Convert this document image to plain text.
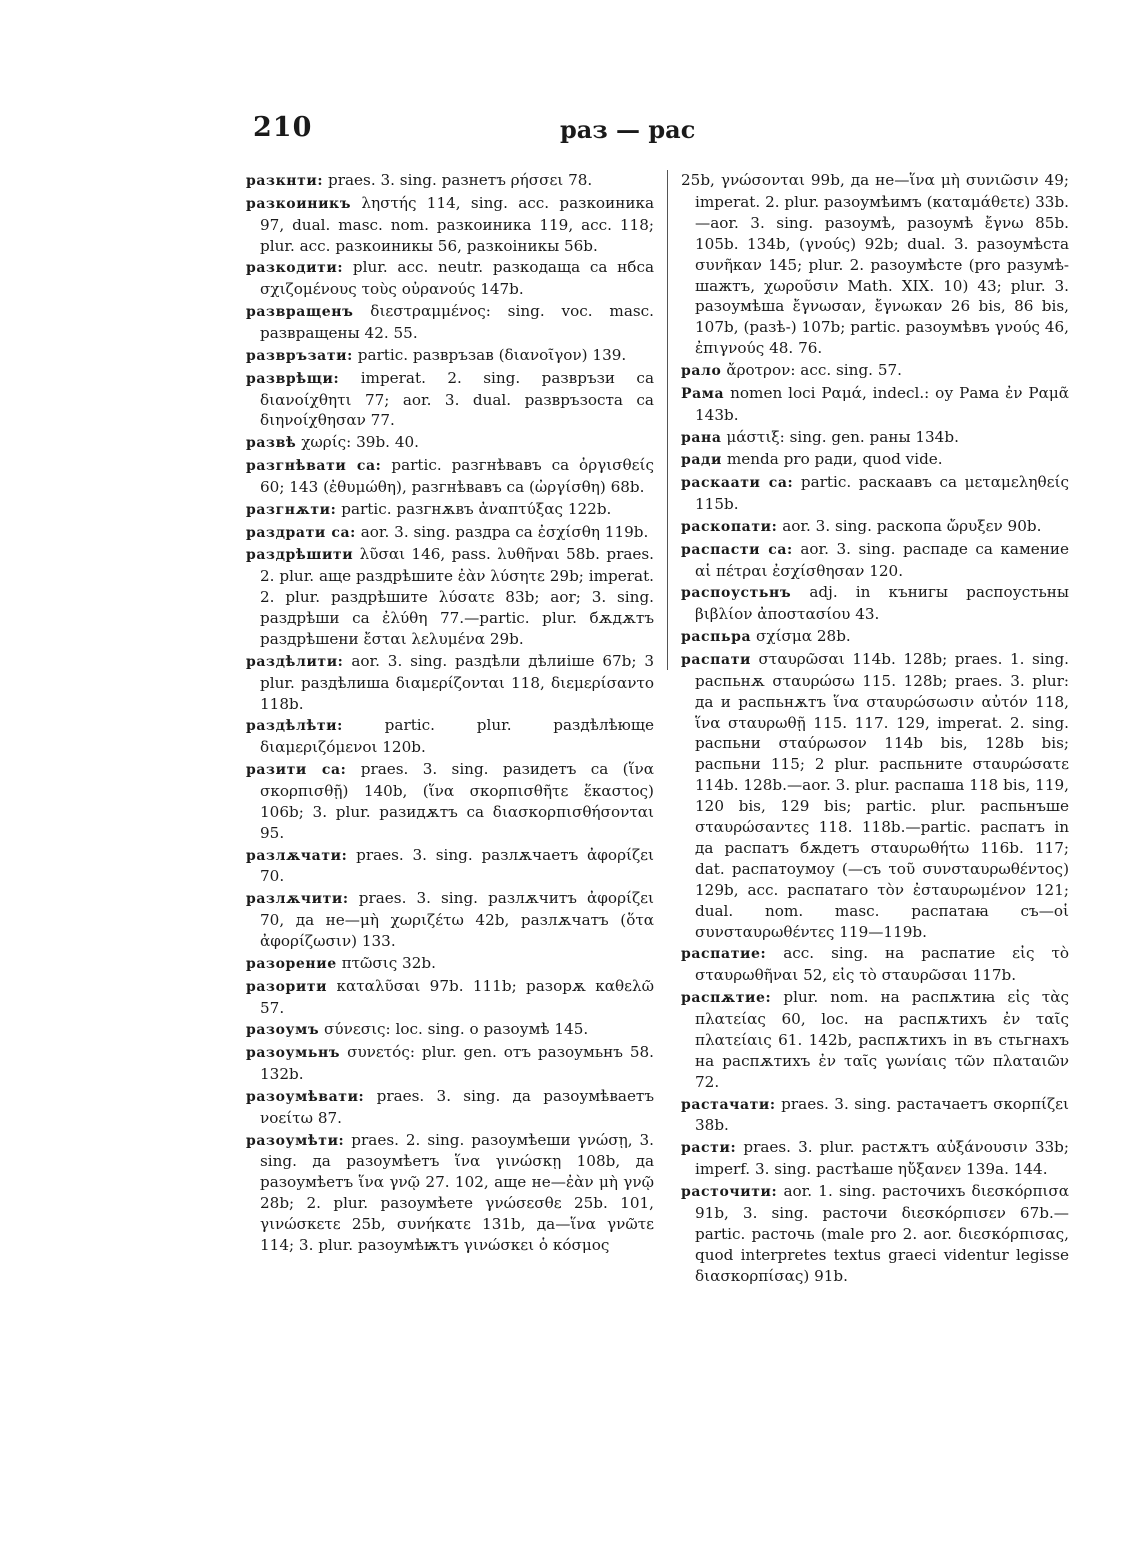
210	раз — рас

разкнти: praes. 3. sing. разнетъ ρήσσει 78.

разкоиникъ ληστής 114, sing. acc. разкоиника 97, dual. masc. nom. разкоиника 119, acc. 118; plur. acc. разкоиникы 56, разкоіникы 56b.

разкодити: plur. acc. neutr. разкодаща са нбса σχιζομένους τοὺς οὐρανούς 147b.

развращенъ διεστραμμένος: sing. voc. masc. развращены 42. 55.

развръзати: partic. развръзав (διανοῖγον) 139.

разврѣщи: imperat. 2. sing. развръзи са διανοίχθητι 77; aor. 3. dual. развръзоста са διηνοίχθησαν 77.

развѣ χωρίς: 39b. 40.

разгнѣвати са: partic. разгнѣвавъ са ὀργισθείς 60; 143 (ἐθυμώθη), разгнѣвавъ са (ὠργίσθη) 68b.

разгнѫти: partic. разгнѫвъ ἀναπτύξας 122b.

раздрати са: aor. 3. sing. раздра са ἐσχίσθη 119b.

раздрѣшити λῦσαι 146, pass. λυθῆναι 58b. praes. 2. plur. аще раздрѣшите ἐὰν λύσητε 29b; imperat. 2. plur. раздрѣшите λύσατε 83b; aor; 3. sing. раздрѣши са ἐλύθη 77.—partic. plur. бѫдѫтъ раздрѣшени ἔσται λελυμένα 29b.

раздѣлити: aor. 3. sing. раздѣли дѣлиіше 67b; 3 plur. раздѣлиша διαμερίζονται 118, διεμερίσαντο 118b.

раздѣлѣти:	partic. plur. раздѣлѣюще διαμεριζόμενοι 120b.

разити са: praes. 3. sing. разидетъ са (ἵνα σκορπισθῇ) 140b, (ἵνα σκορπισθῆτε ἕκαστος) 106b; 3. plur. разидѫтъ са διασκορπισθήσονται 95.

разлѫчати: praes. 3. sing. разлѫчаетъ ἀφορίζει 70.

разлѫчити: praes. 3. sing. разлѫчитъ ἀφορίζει 70, да не—μὴ χωριζέτω 42b, разлѫчатъ (ὅτα ἀφορίζωσιν) 133.

разорение πτῶσις 32b.

разорити καταλῦσαι 97b. 111b; разорѫ καθελῶ 57.

разоумъ σύνεσις: loc. sing. о разоумѣ 145.

разоумьнъ συνετός: plur. gen. отъ разоумьнъ 58. 132b.

разоумѣвати: praes. 3. sing. да разоумѣваетъ νοείτω 87.

разоумѣти: praes. 2. sing. разоумѣеши γνώσῃ, 3. sing. да разоумѣетъ ἵνα γινώσκῃ 108b, да разоумѣетъ ἵνα γνῷ 27. 102, аще не—ἐὰν μὴ γνῷ 28b; 2. plur. разоумѣете γνώσεσθε 25b. 101, γινώσκετε 25b, συνήκατε 131b, да—ἵνα γνῶτε 114; 3. plur. разоумѣѭтъ γινώσκει ὁ κόσμος

25b, γνώσονται 99b, да не—ἵνα μὴ συνιῶσιν 49; imperat. 2. plur. разоумѣимъ (καταμάθετε) 33b.—aor. 3. sing. разоумѣ, разоумѣ ἔγνω 85b. 105b. 134b, (γνούς) 92b; dual. 3. разоумѣста συνῆκαν 145; plur. 2. разоумѣсте (pro разумѣ- шажтъ, χωροῦσιν Math. XIX. 10) 43; plur. 3. разоумѣша ἔγνωσαν, ἔγνωκαν 26 bis, 86 bis, 107b, (разѣ-) 107b; partic. разоумѣвъ γνούς 46, ἐπιγνούς 48. 76.

рало ἄροτρον: acc. sing. 57.

Рама nomen loci Ραμά, indecl.: оу Рама ἐν Ραμᾶ 143b.

рана μάστιξ: sing. gen. раны 134b.

ради menda pro ради, quod vide.

раскаати са: partic. раскаавъ са μεταμεληθείς 115b.

раскопати: aor. 3. sing. раскопа ὤρυξεν 90b.

распасти са: aor. 3. sing. распаде са камение αἱ πέτραι ἐσχίσθησαν 120.

распоустьнъ adj. in кънигы распоустьны βιβλίον ἀποστασίου 43.

распьра σχίσμα 28b.

распати σταυρῶσαι 114b. 128b; praes. 1. sing. распьнѫ σταυρώσω 115. 128b; praes. 3. plur: да и распьнѫтъ ἵνα σταυρώσωσιν αὐτόν 118, ἵνα σταυρωθῇ 115. 117. 129, imperat. 2. sing. распьни σταύρωσον 114b bis, 128b bis; распьни 115; 2 plur. распьните σταυρώσατε 114b. 128b.—aor. 3. plur. распаша 118 bis, 119, 120 bis, 129 bis; partic. plur. распьнъше σταυρώσαντες 118. 118b.—partic. распатъ in да распатъ бѫдетъ σταυρωθήτω 116b. 117; dat. распатоумоу (—съ τοῦ συνσταυρωθέντος) 129b, acc. распатаго τὸν ἐσταυρωμένον 121; dual. nom. masc. распатаꙗ съ—οἱ συνσταυρωθέντες 119—119b.

распатие: acc. sing. на распатие εἰς τὸ σταυρωθῆναι 52, εἰς τὸ σταυρῶσαι 117b.

распѫтие: plur. nom. на распѫтиꙗ εἰς τὰς πλατείας 60, loc. на распѫтихъ ἐν ταῖς πλατείαις 61. 142b, распѫтихъ in въ стьгнахъ на распѫтихъ ἐν ταῖς γωνίαις τῶν πλαταιῶν 72.

растачати: praes. 3. sing. растачаетъ σκορπίζει 38b.

расти: praes. 3. plur. растѫтъ αὐξάνουσιν 33b; imperf. 3. sing. растѣаше ηὔξανεν 139a. 144.

расточити: aor. 1. sing. расточихъ διεσκόρπισα 91b, 3. sing. расточи διεσκόρπισεν 67b.—partic. расточь (male pro 2. aor. διεσκόρπισας, quod interpretes textus graeci videntur legisse διασκορπίσας) 91b.
